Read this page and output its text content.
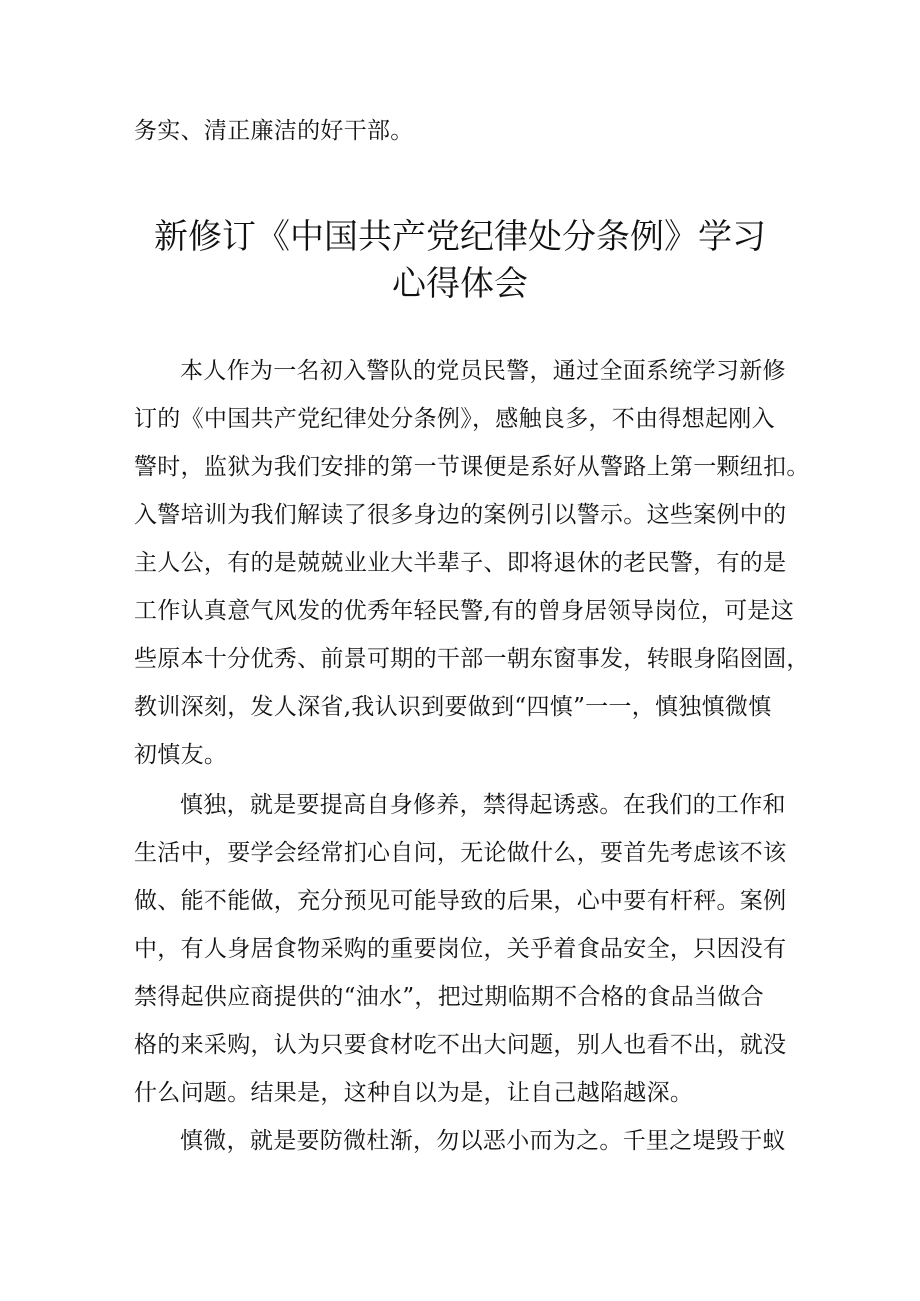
务实、清正廉洁的好干部。
新修订《中国共产党纪律处分条例》学习
心得体会
本人作为一名初入警队的党员民警，通过全面系统学习新修
订的《中国共产党纪律处分条例》，感触良多，不由得想起刚入
警时，监狱为我们安排的第一节课便是系好从警路上第一颗纽扣。
入警培训为我们解读了很多身边的案例引以警示。这些案例中的
主人公，有的是兢兢业业大半辈子、即将退休的老民警，有的是
工作认真意气风发的优秀年轻民警,有的曾身居领导岗位，可是这
些原本十分优秀、前景可期的干部一朝东窗事发，转眼身陷囹圄，
教训深刻，发人深省,我认识到要做到“四慎”一一，慎独慎微慎
初慎友。
慎独，就是要提高自身修养，禁得起诱惑。在我们的工作和
生活中，要学会经常扪心自问，无论做什么，要首先考虑该不该
做、能不能做，充分预见可能导致的后果，心中要有杆秤。案例
中，有人身居食物采购的重要岗位，关乎着食品安全，只因没有
禁得起供应商提供的“油水”，把过期临期不合格的食品当做合
格的来采购，认为只要食材吃不出大问题，别人也看不出，就没
什么问题。结果是，这种自以为是，让自己越陷越深。
慎微，就是要防微杜渐，勿以恶小而为之。千里之堤毁于蚁
